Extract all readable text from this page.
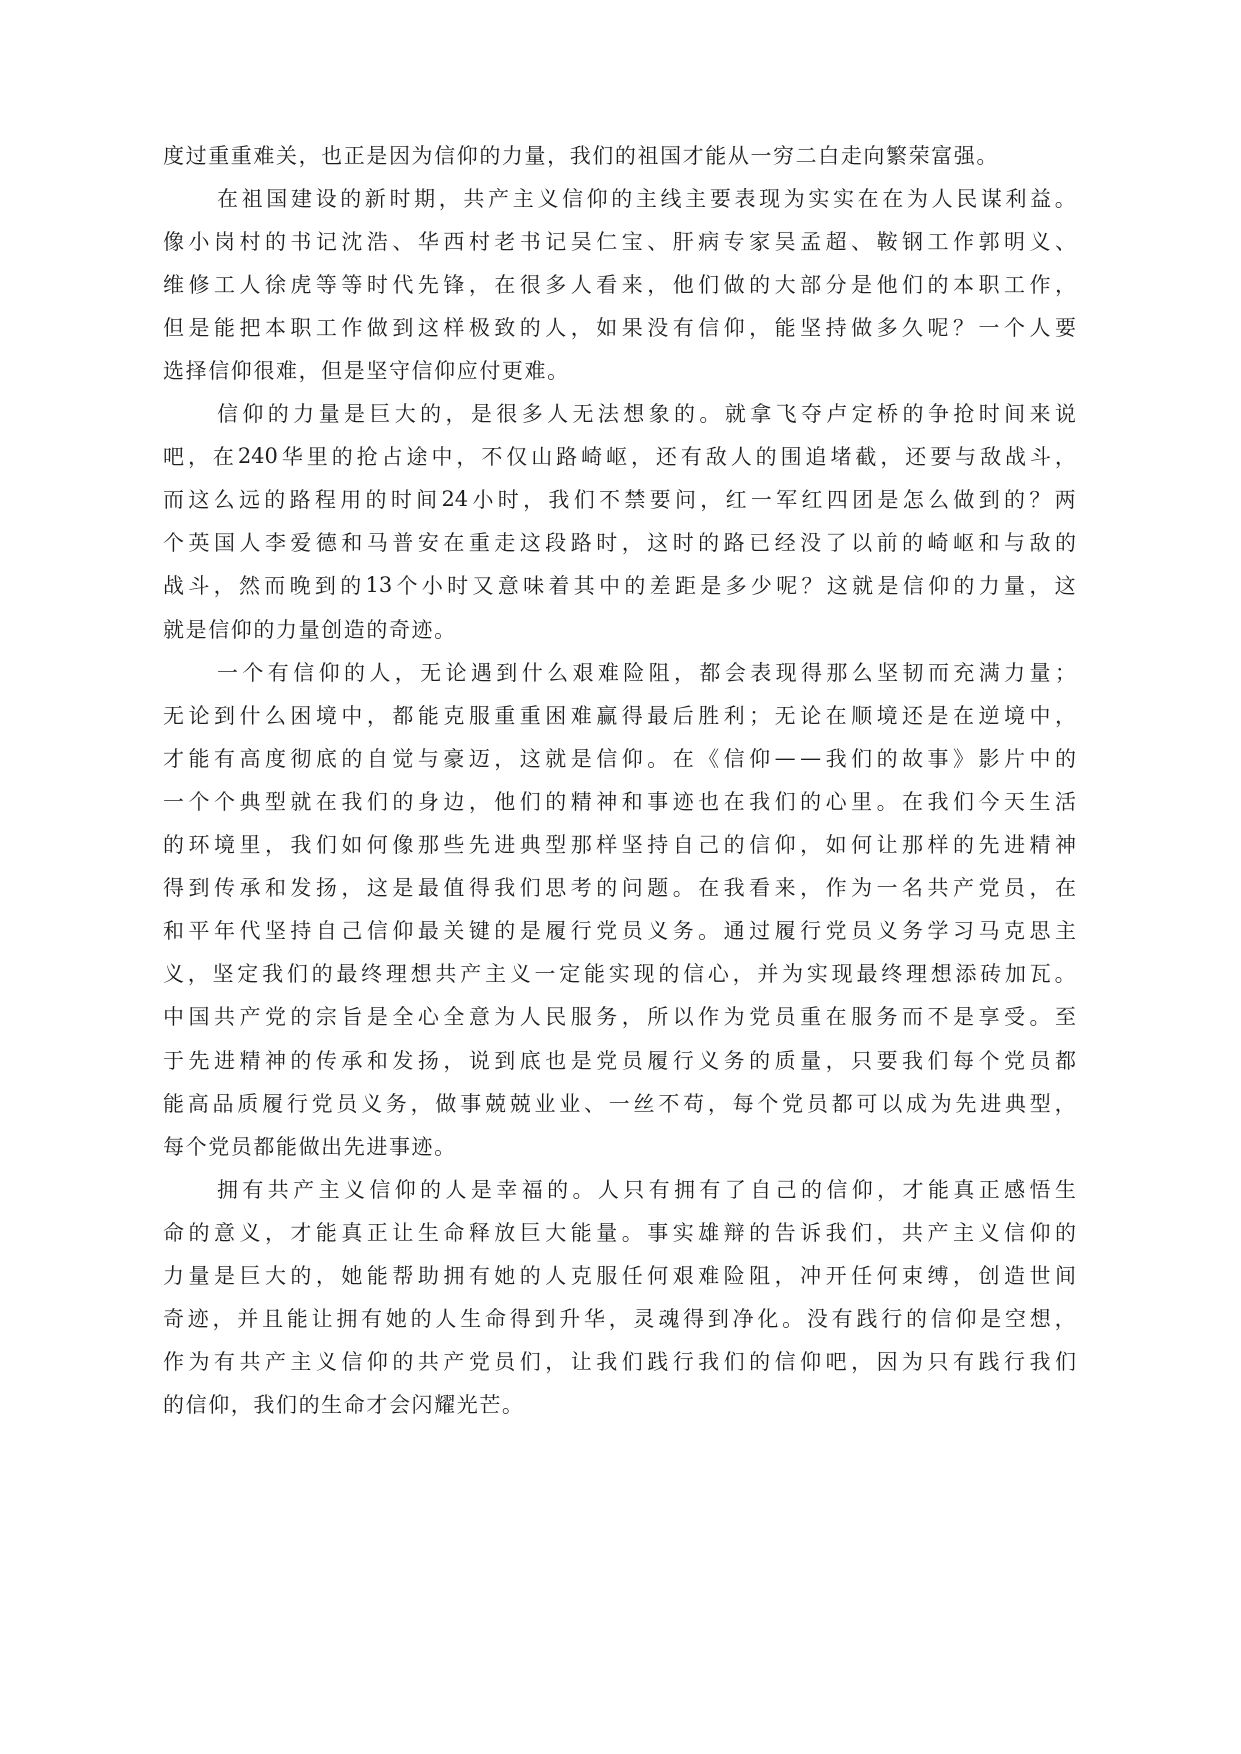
度 过 重 重 难 关 ， 也 正 是 因 为 信 仰 的 力 量 ， 我 们 的 祖 国 才 能 从 一 穷 二 白 走 向 繁 荣 富 强 。
在 祖 国 建 设 的 新 时 期 ， 共 产 主 义 信 仰 的 主 线 主 要 表 现 为 实 实 在 在 为 人 民 谋 利 益 。
像 小 岗 村 的 书 记 沈 浩 、 华 西 村 老 书 记 吴 仁 宝 、 肝 病 专 家 吴 孟 超 、 鞍 钢 工 作 郭 明 义 、
维 修 工 人 徐 虎 等 等 时 代 先 锋 ， 在 很 多 人 看 来 ， 他 们 做 的 大 部 分 是 他 们 的 本 职 工 作 ，
但 是 能 把 本 职 工 作 做 到 这 样 极 致 的 人 ， 如 果 没 有 信 仰 ， 能 坚 持 做 多 久 呢 ？ 一 个 人 要
选 择 信 仰 很 难 ， 但 是 坚 守 信 仰 应 付 更 难 。
信 仰 的 力 量 是 巨 大 的 ， 是 很 多 人 无 法 想 象 的 。 就 拿 飞 夺 卢 定 桥 的 争 抢 时 间 来 说
吧 ， 在 240 华 里 的 抢 占 途 中 ， 不 仅 山 路 崎 岖 ， 还 有 敌 人 的 围 追 堵 截 ， 还 要 与 敌 战 斗 ，
而 这 么 远 的 路 程 用 的 时 间 24 小 时 ， 我 们 不 禁 要 问 ， 红 一 军 红 四 团 是 怎 么 做 到 的 ？ 两
个 英 国 人 李 爱 德 和 马 普 安 在 重 走 这 段 路 时 ， 这 时 的 路 已 经 没 了 以 前 的 崎 岖 和 与 敌 的
战 斗 ， 然 而 晚 到 的 13 个 小 时 又 意 味 着 其 中 的 差 距 是 多 少 呢 ？ 这 就 是 信 仰 的 力 量 ， 这
就 是 信 仰 的 力 量 创 造 的 奇 迹 。
一 个 有 信 仰 的 人 ， 无 论 遇 到 什 么 艰 难 险 阻 ， 都 会 表 现 得 那 么 坚 韧 而 充 满 力 量 ；
无 论 到 什 么 困 境 中 ， 都 能 克 服 重 重 困 难 赢 得 最 后 胜 利 ； 无 论 在 顺 境 还 是 在 逆 境 中 ，
才 能 有 高 度 彻 底 的 自 觉 与 豪 迈 ， 这 就 是 信 仰 。 在 《 信 仰 — — 我 们 的 故 事 》 影 片 中 的
一 个 个 典 型 就 在 我 们 的 身 边 ， 他 们 的 精 神 和 事 迹 也 在 我 们 的 心 里 。 在 我 们 今 天 生 活
的 环 境 里 ， 我 们 如 何 像 那 些 先 进 典 型 那 样 坚 持 自 己 的 信 仰 ， 如 何 让 那 样 的 先 进 精 神
得 到 传 承 和 发 扬 ， 这 是 最 值 得 我 们 思 考 的 问 题 。 在 我 看 来 ， 作 为 一 名 共 产 党 员 ， 在
和 平 年 代 坚 持 自 己 信 仰 最 关 键 的 是 履 行 党 员 义 务 。 通 过 履 行 党 员 义 务 学 习 马 克 思 主
义 ， 坚 定 我 们 的 最 终 理 想 共 产 主 义 一 定 能 实 现 的 信 心 ， 并 为 实 现 最 终 理 想 添 砖 加 瓦 。
中 国 共 产 党 的 宗 旨 是 全 心 全 意 为 人 民 服 务 ， 所 以 作 为 党 员 重 在 服 务 而 不 是 享 受 。 至
于 先 进 精 神 的 传 承 和 发 扬 ， 说 到 底 也 是 党 员 履 行 义 务 的 质 量 ， 只 要 我 们 每 个 党 员 都
能 高 品 质 履 行 党 员 义 务 ， 做 事 兢 兢 业 业 、 一 丝 不 苟 ， 每 个 党 员 都 可 以 成 为 先 进 典 型 ，
每 个 党 员 都 能 做 出 先 进 事 迹 。
拥 有 共 产 主 义 信 仰 的 人 是 幸 福 的 。 人 只 有 拥 有 了 自 己 的 信 仰 ， 才 能 真 正 感 悟 生
命 的 意 义 ， 才 能 真 正 让 生 命 释 放 巨 大 能 量 。 事 实 雄 辩 的 告 诉 我 们 ， 共 产 主 义 信 仰 的
力 量 是 巨 大 的 ， 她 能 帮 助 拥 有 她 的 人 克 服 任 何 艰 难 险 阻 ， 冲 开 任 何 束 缚 ， 创 造 世 间
奇 迹 ， 并 且 能 让 拥 有 她 的 人 生 命 得 到 升 华 ， 灵 魂 得 到 净 化 。 没 有 践 行 的 信 仰 是 空 想 ，
作 为 有 共 产 主 义 信 仰 的 共 产 党 员 们 ， 让 我 们 践 行 我 们 的 信 仰 吧 ， 因 为 只 有 践 行 我 们
的 信 仰 ， 我 们 的 生 命 才 会 闪 耀 光 芒 。
